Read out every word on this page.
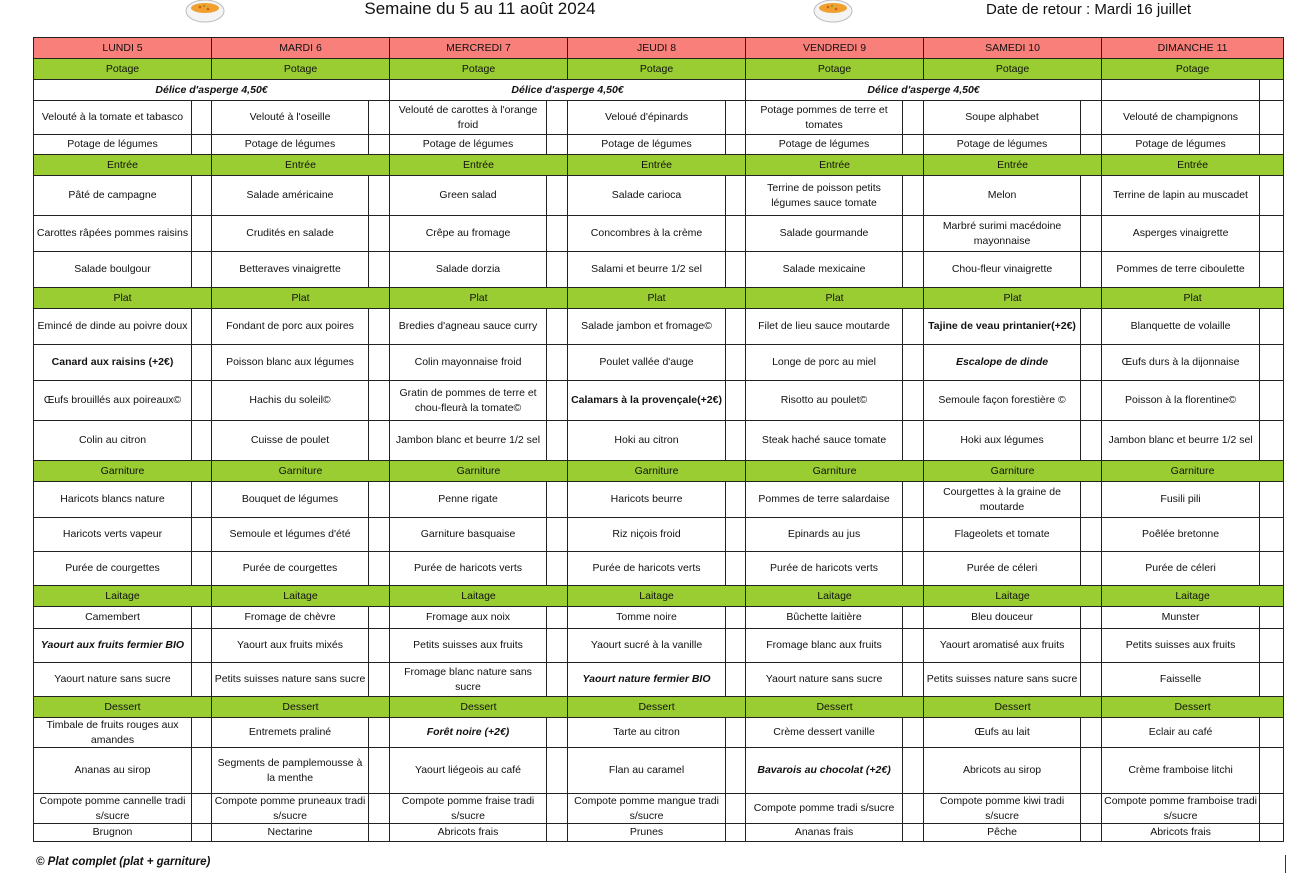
Semaine du 5 au 11 août 2024	Date de retour : Mardi 16 juillet
LUNDI 5		MARDI 6		MERCREDI 7		JEUDI 8		VENDREDI 9		SAMEDI 10		DIMANCHE 11	
Potage		Potage		Potage		Potage		Potage		Potage		Potage	
Délice d'asperge 4,50€				Délice d'asperge 4,50€				Délice d'asperge 4,50€					
Velouté à la tomate et tabasco		Velouté à l'oseille		Velouté de carottes à l'orange froid		Veloué d'épinards		Potage pommes de terre et tomates		Soupe alphabet		Velouté de champignons	
Potage de légumes		Potage de légumes		Potage de légumes		Potage de légumes		Potage de légumes		Potage de légumes		Potage de légumes	
Entrée		Entrée		Entrée		Entrée		Entrée		Entrée		Entrée	
Pâté de campagne		Salade américaine		Green salad		Salade carioca		Terrine de poisson petits légumes sauce tomate		Melon		Terrine de lapin au muscadet	
Carottes râpées pommes raisins		Crudités en salade		Crêpe au fromage		Concombres à la crème		Salade gourmande		Marbré surimi macédoine mayonnaise		Asperges vinaigrette	
Salade boulgour		Betteraves vinaigrette		Salade dorzia		Salami et beurre 1/2 sel		Salade mexicaine		Chou-fleur vinaigrette		Pommes de terre ciboulette	
Plat		Plat		Plat		Plat		Plat		Plat		Plat	
Emincé de dinde au poivre doux		Fondant de porc aux poires		Bredies d'agneau sauce curry		Salade jambon et fromage©		Filet de lieu sauce moutarde		Tajine de veau printanier(+2€)		Blanquette de volaille	
Canard aux raisins (+2€)		Poisson blanc aux légumes		Colin mayonnaise froid		Poulet vallée d'auge		Longe de porc au miel		Escalope de dinde		Œufs durs à la dijonnaise	
Œufs brouillés aux poireaux©		Hachis du soleil©		Gratin de pommes de terre et chou-fleurà la tomate©		Calamars à la provençale(+2€)		Risotto au poulet©		Semoule façon forestière ©		Poisson à la florentine©	
Colin au citron		Cuisse de poulet		Jambon blanc et beurre 1/2 sel		Hoki au citron		Steak haché sauce tomate		Hoki aux légumes		Jambon blanc et beurre 1/2 sel	
Garniture		Garniture		Garniture		Garniture		Garniture		Garniture		Garniture	
Haricots blancs nature		Bouquet de légumes		Penne rigate		Haricots beurre		Pommes de terre salardaise		Courgettes à la graine de moutarde		Fusili pili	
Haricots verts vapeur		Semoule et légumes d'été		Garniture basquaise		Riz niçois froid		Epinards au jus		Flageolets et tomate		Poêlée bretonne	
Purée de courgettes		Purée de courgettes		Purée de haricots verts		Purée de haricots verts		Purée de haricots verts		Purée de céleri		Purée de céleri	
Laitage		Laitage		Laitage		Laitage		Laitage		Laitage		Laitage	
Camembert		Fromage de chèvre		Fromage aux noix		Tomme noire		Bûchette laitière		Bleu douceur		Munster	
Yaourt aux fruits fermier BIO		Yaourt aux fruits mixés		Petits suisses aux fruits		Yaourt sucré à la vanille		Fromage blanc aux fruits		Yaourt aromatisé aux fruits		Petits suisses aux fruits	
Yaourt nature sans sucre		Petits suisses nature sans sucre		Fromage blanc nature sans sucre		Yaourt nature fermier BIO		Yaourt nature sans sucre		Petits suisses nature sans sucre		Faisselle	
Dessert		Dessert		Dessert		Dessert		Dessert		Dessert		Dessert	
Timbale de fruits rouges aux amandes		Entremets praliné		Forêt noire (+2€)		Tarte au citron		Crème dessert vanille		Œufs au lait		Eclair au café	
Ananas au sirop		Segments de pamplemousse à la menthe		Yaourt liégeois au café		Flan au caramel		Bavarois au chocolat (+2€)		Abricots au sirop		Crème framboise litchi	
Compote pomme cannelle tradi s/sucre		Compote pomme pruneaux tradi s/sucre		Compote pomme fraise tradi s/sucre		Compote pomme mangue tradi s/sucre		Compote pomme tradi s/sucre		Compote pomme kiwi tradi s/sucre		Compote pomme framboise tradi s/sucre	
Brugnon		Nectarine		Abricots frais		Prunes		Ananas frais		Pêche		Abricots frais	
© Plat complet (plat + garniture)
